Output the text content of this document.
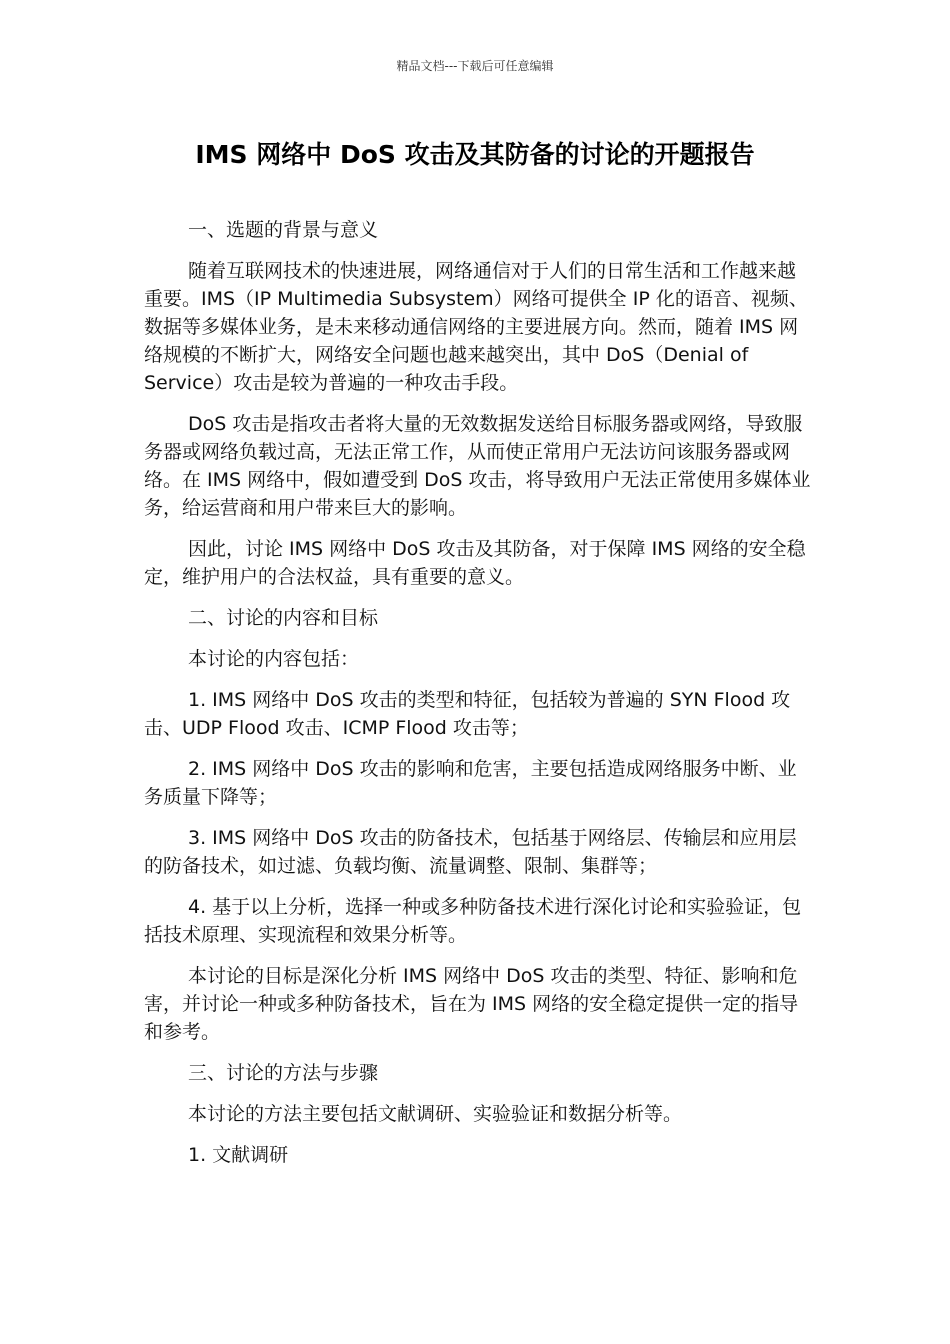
精品文档---下载后可任意编辑
IMS 网络中 DoS 攻击及其防备的讨论的开题报告

一、选题的背景与意义

随着互联网技术的快速进展，网络通信对于人们的日常生活和工作越来越重要。IMS（IP Multimedia Subsystem）网络可提供全 IP 化的语音、视频、数据等多媒体业务，是未来移动通信网络的主要进展方向。然而，随着 IMS 网络规模的不断扩大，网络安全问题也越来越突出，其中 DoS（Denial of Service）攻击是较为普遍的一种攻击手段。

DoS 攻击是指攻击者将大量的无效数据发送给目标服务器或网络，导致服务器或网络负载过高，无法正常工作，从而使正常用户无法访问该服务器或网络。在 IMS 网络中，假如遭受到 DoS 攻击，将导致用户无法正常使用多媒体业务，给运营商和用户带来巨大的影响。

因此，讨论 IMS 网络中 DoS 攻击及其防备，对于保障 IMS 网络的安全稳定，维护用户的合法权益，具有重要的意义。

二、讨论的内容和目标

本讨论的内容包括：

1. IMS 网络中 DoS 攻击的类型和特征，包括较为普遍的 SYN Flood 攻击、UDP Flood 攻击、ICMP Flood 攻击等；

2. IMS 网络中 DoS 攻击的影响和危害，主要包括造成网络服务中断、业务质量下降等；

3. IMS 网络中 DoS 攻击的防备技术，包括基于网络层、传输层和应用层的防备技术，如过滤、负载均衡、流量调整、限制、集群等；

4. 基于以上分析，选择一种或多种防备技术进行深化讨论和实验验证，包括技术原理、实现流程和效果分析等。

本讨论的目标是深化分析 IMS 网络中 DoS 攻击的类型、特征、影响和危害，并讨论一种或多种防备技术，旨在为 IMS 网络的安全稳定提供一定的指导和参考。

三、讨论的方法与步骤

本讨论的方法主要包括文献调研、实验验证和数据分析等。

1. 文献调研
